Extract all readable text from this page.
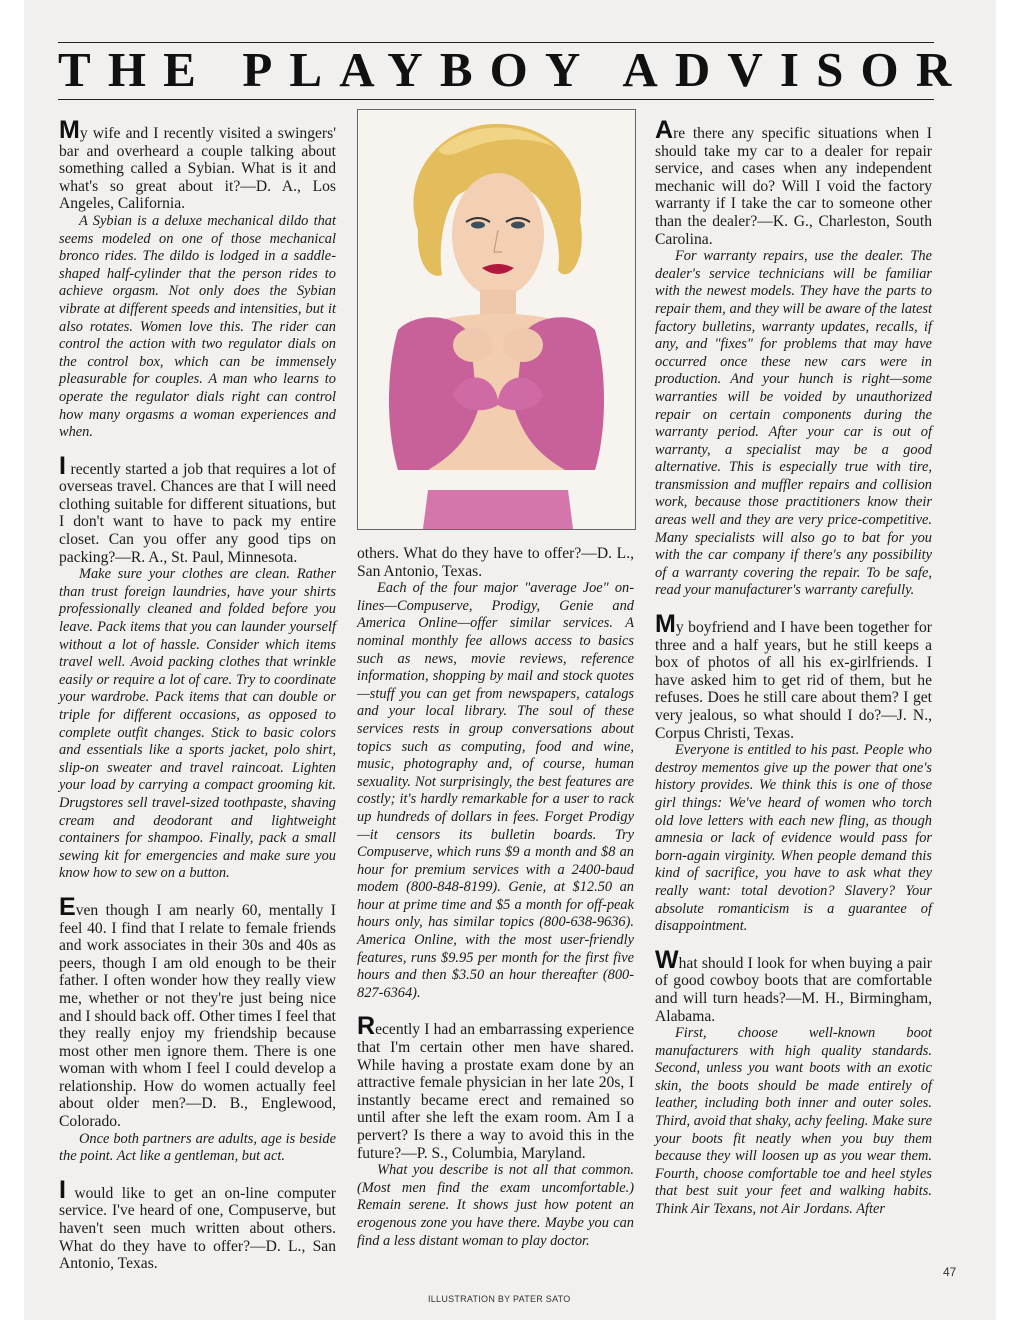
THE PLAYBOY ADVISOR

My wife and I recently visited a swingers' bar and overheard a couple talking about something called a Sybian. What is it and what's so great about it?—D. A., Los Angeles, California.

A Sybian is a deluxe mechanical dildo that seems modeled on one of those mechanical bronco rides. The dildo is lodged in a saddle-shaped half-cylinder that the person rides to achieve orgasm. Not only does the Sybian vibrate at different speeds and intensities, but it also rotates. Women love this. The rider can control the action with two regulator dials on the control box, which can be immensely pleasurable for couples. A man who learns to operate the regulator dials right can control how many orgasms a woman experiences and when.

I recently started a job that requires a lot of overseas travel. Chances are that I will need clothing suitable for different situations, but I don't want to have to pack my entire closet. Can you offer any good tips on packing?—R. A., St. Paul, Minnesota.

Make sure your clothes are clean. Rather than trust foreign laundries, have your shirts professionally cleaned and folded before you leave. Pack items that you can launder yourself without a lot of hassle. Consider which items travel well. Avoid packing clothes that wrinkle easily or require a lot of care. Try to coordinate your wardrobe. Pack items that can double or triple for different occasions, as opposed to complete outfit changes. Stick to basic colors and essentials like a sports jacket, polo shirt, slip-on sweater and travel raincoat. Lighten your load by carrying a compact grooming kit. Drugstores sell travel-sized toothpaste, shaving cream and deodorant and lightweight containers for shampoo. Finally, pack a small sewing kit for emergencies and make sure you know how to sew on a button.

Even though I am nearly 60, mentally I feel 40. I find that I relate to female friends and work associates in their 30s and 40s as peers, though I am old enough to be their father. I often wonder how they really view me, whether or not they're just being nice and I should back off. Other times I feel that they really enjoy my friendship because most other men ignore them. There is one woman with whom I feel I could develop a relationship. How do women actually feel about older men?—D. B., Englewood, Colorado.

Once both partners are adults, age is beside the point. Act like a gentleman, but act.

I would like to get an on-line computer service. I've heard of one, Compuserve, but haven't seen much written about others. What do they have to offer?—D. L., San Antonio, Texas.

others. What do they have to offer?—D. L., San Antonio, Texas.

Each of the four major "average Joe" on-lines—Compuserve, Prodigy, Genie and America Online—offer similar services. A nominal monthly fee allows access to basics such as news, movie reviews, reference information, shopping by mail and stock quotes—stuff you can get from newspapers, catalogs and your local library. The soul of these services rests in group conversations about topics such as computing, food and wine, music, photography and, of course, human sexuality. Not surprisingly, the best features are costly; it's hardly remarkable for a user to rack up hundreds of dollars in fees. Forget Prodigy—it censors its bulletin boards. Try Compuserve, which runs $9 a month and $8 an hour for premium services with a 2400-baud modem (800-848-8199). Genie, at $12.50 an hour at prime time and $5 a month for off-peak hours only, has similar topics (800-638-9636). America Online, with the most user-friendly features, runs $9.95 per month for the first five hours and then $3.50 an hour thereafter (800-827-6364).

Recently I had an embarrassing experience that I'm certain other men have shared. While having a prostate exam done by an attractive female physician in her late 20s, I instantly became erect and remained so until after she left the exam room. Am I a pervert? Is there a way to avoid this in the future?—P. S., Columbia, Maryland.

What you describe is not all that common. (Most men find the exam uncomfortable.) Remain serene. It shows just how potent an erogenous zone you have there. Maybe you can find a less distant woman to play doctor.

Are there any specific situations when I should take my car to a dealer for repair service, and cases when any independent mechanic will do? Will I void the factory warranty if I take the car to someone other than the dealer?—K. G., Charleston, South Carolina.

For warranty repairs, use the dealer. The dealer's service technicians will be familiar with the newest models. They have the parts to repair them, and they will be aware of the latest factory bulletins, warranty updates, recalls, if any, and "fixes" for problems that may have occurred once these new cars were in production. And your hunch is right—some warranties will be voided by unauthorized repair on certain components during the warranty period. After your car is out of warranty, a specialist may be a good alternative. This is especially true with tire, transmission and muffler repairs and collision work, because those practitioners know their areas well and they are very price-competitive. Many specialists will also go to bat for you with the car company if there's any possibility of a warranty covering the repair. To be safe, read your manufacturer's warranty carefully.

My boyfriend and I have been together for three and a half years, but he still keeps a box of photos of all his ex-girlfriends. I have asked him to get rid of them, but he refuses. Does he still care about them? I get very jealous, so what should I do?—J. N., Corpus Christi, Texas.

Everyone is entitled to his past. People who destroy mementos give up the power that one's history provides. We think this is one of those girl things: We've heard of women who torch old love letters with each new fling, as though amnesia or lack of evidence would pass for born-again virginity. When people demand this kind of sacrifice, you have to ask what they really want: total devotion? Slavery? Your absolute romanticism is a guarantee of disappointment.

What should I look for when buying a pair of good cowboy boots that are comfortable and will turn heads?—M. H., Birmingham, Alabama.

First, choose well-known boot manufacturers with high quality standards. Second, unless you want boots with an exotic skin, the boots should be made entirely of leather, including both inner and outer soles. Third, avoid that shaky, achy feeling. Make sure your boots fit neatly when you buy them because they will loosen up as you wear them. Fourth, choose comfortable toe and heel styles that best suit your feet and walking habits. Think Air Texans, not Air Jordans. After

ILLUSTRATION BY PATER SATO
47
